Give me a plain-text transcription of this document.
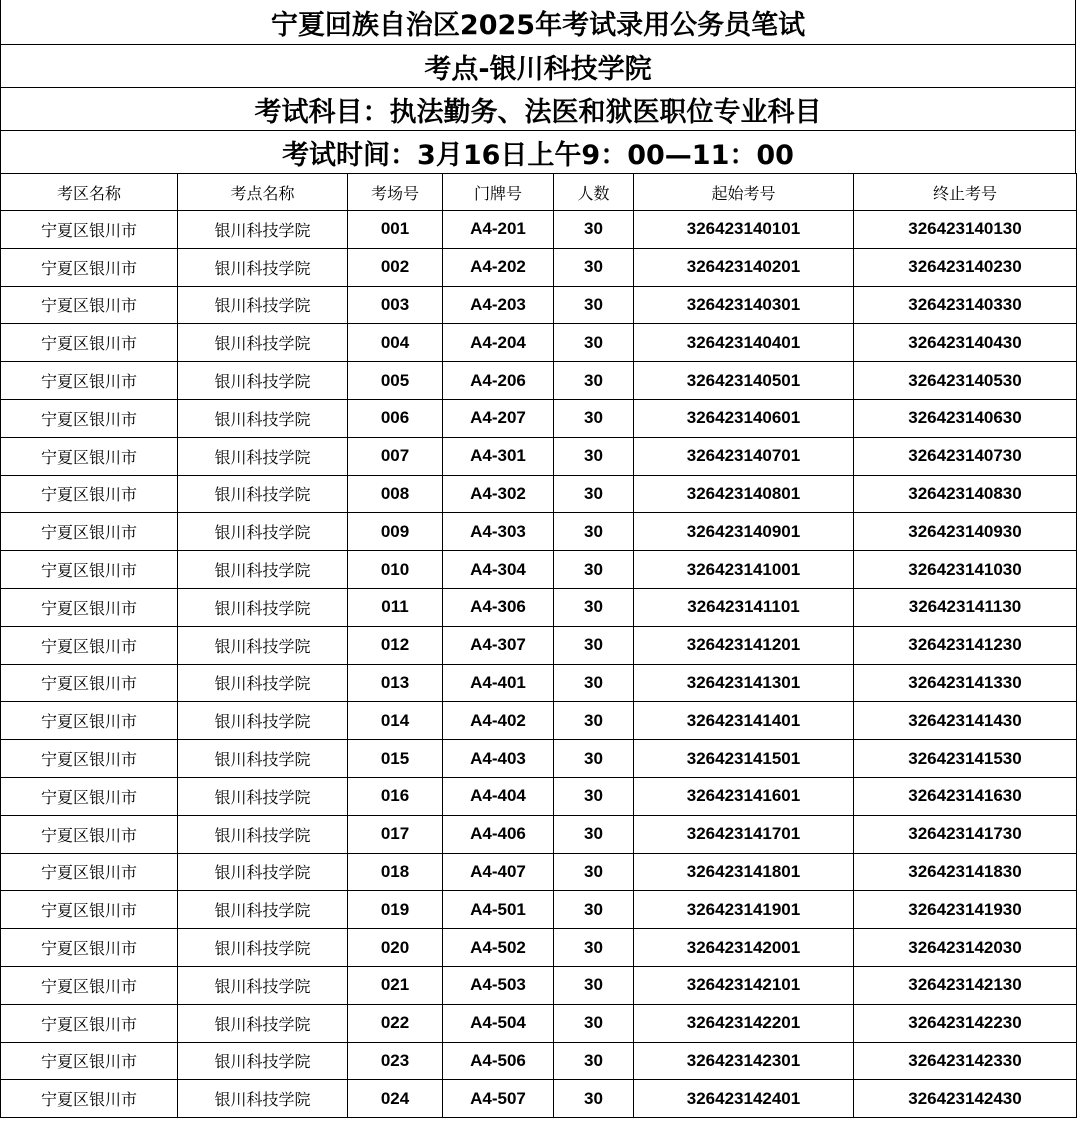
宁夏回族自治区2025年考试录用公务员笔试
考点-银川科技学院
考试科目：执法勤务、法医和狱医职位专业科目
考试时间：3月16日上午9：00—11：00
考区名称	考点名称	考场号	门牌号	人数	起始考号	终止考号
宁夏区银川市	银川科技学院	001	A4-201	30	326423140101	326423140130
宁夏区银川市	银川科技学院	002	A4-202	30	326423140201	326423140230
宁夏区银川市	银川科技学院	003	A4-203	30	326423140301	326423140330
宁夏区银川市	银川科技学院	004	A4-204	30	326423140401	326423140430
宁夏区银川市	银川科技学院	005	A4-206	30	326423140501	326423140530
宁夏区银川市	银川科技学院	006	A4-207	30	326423140601	326423140630
宁夏区银川市	银川科技学院	007	A4-301	30	326423140701	326423140730
宁夏区银川市	银川科技学院	008	A4-302	30	326423140801	326423140830
宁夏区银川市	银川科技学院	009	A4-303	30	326423140901	326423140930
宁夏区银川市	银川科技学院	010	A4-304	30	326423141001	326423141030
宁夏区银川市	银川科技学院	011	A4-306	30	326423141101	326423141130
宁夏区银川市	银川科技学院	012	A4-307	30	326423141201	326423141230
宁夏区银川市	银川科技学院	013	A4-401	30	326423141301	326423141330
宁夏区银川市	银川科技学院	014	A4-402	30	326423141401	326423141430
宁夏区银川市	银川科技学院	015	A4-403	30	326423141501	326423141530
宁夏区银川市	银川科技学院	016	A4-404	30	326423141601	326423141630
宁夏区银川市	银川科技学院	017	A4-406	30	326423141701	326423141730
宁夏区银川市	银川科技学院	018	A4-407	30	326423141801	326423141830
宁夏区银川市	银川科技学院	019	A4-501	30	326423141901	326423141930
宁夏区银川市	银川科技学院	020	A4-502	30	326423142001	326423142030
宁夏区银川市	银川科技学院	021	A4-503	30	326423142101	326423142130
宁夏区银川市	银川科技学院	022	A4-504	30	326423142201	326423142230
宁夏区银川市	银川科技学院	023	A4-506	30	326423142301	326423142330
宁夏区银川市	银川科技学院	024	A4-507	30	326423142401	326423142430
